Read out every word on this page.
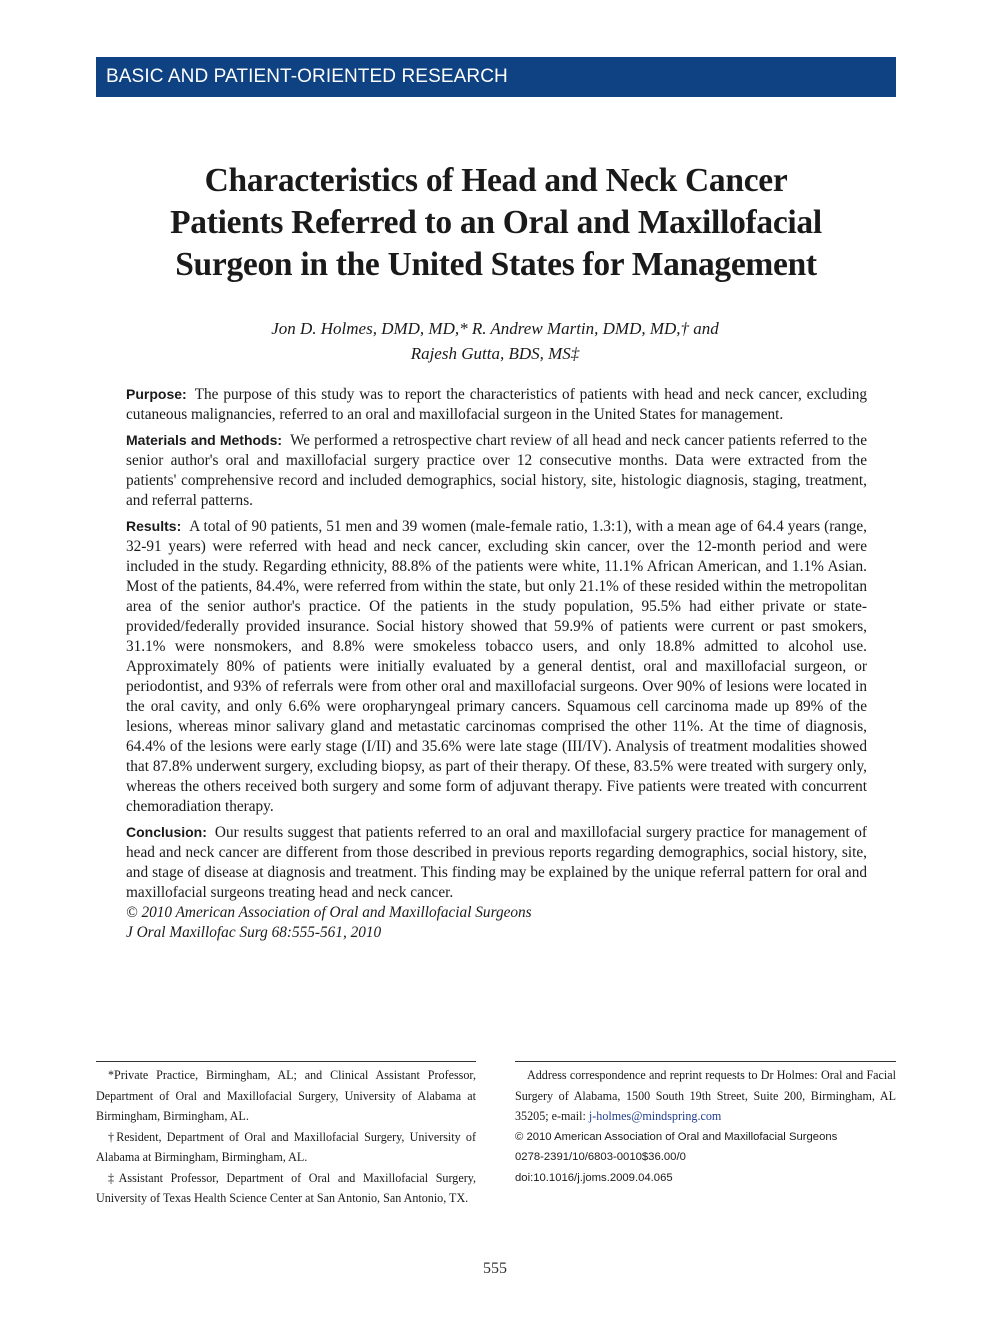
BASIC AND PATIENT-ORIENTED RESEARCH
Characteristics of Head and Neck Cancer
Patients Referred to an Oral and Maxillofacial
Surgeon in the United States for Management
Jon D. Holmes, DMD, MD,* R. Andrew Martin, DMD, MD,† and
Rajesh Gutta, BDS, MS‡

Purpose: The purpose of this study was to report the characteristics of patients with head and neck cancer, excluding cutaneous malignancies, referred to an oral and maxillofacial surgeon in the United States for management.

Materials and Methods: We performed a retrospective chart review of all head and neck cancer patients referred to the senior author's oral and maxillofacial surgery practice over 12 consecutive months. Data were extracted from the patients' comprehensive record and included demographics, social history, site, histologic diagnosis, staging, treatment, and referral patterns.

Results: A total of 90 patients, 51 men and 39 women (male-female ratio, 1.3:1), with a mean age of 64.4 years (range, 32-91 years) were referred with head and neck cancer, excluding skin cancer, over the 12-month period and were included in the study. Regarding ethnicity, 88.8% of the patients were white, 11.1% African American, and 1.1% Asian. Most of the patients, 84.4%, were referred from within the state, but only 21.1% of these resided within the metropolitan area of the senior author's practice. Of the patients in the study population, 95.5% had either private or state-provided/federally provided insurance. Social history showed that 59.9% of patients were current or past smokers, 31.1% were nonsmokers, and 8.8% were smokeless tobacco users, and only 18.8% admitted to alcohol use. Approximately 80% of patients were initially evaluated by a general dentist, oral and maxillofacial surgeon, or periodontist, and 93% of referrals were from other oral and maxillofacial surgeons. Over 90% of lesions were located in the oral cavity, and only 6.6% were oropharyngeal primary cancers. Squamous cell carcinoma made up 89% of the lesions, whereas minor salivary gland and metastatic carcinomas comprised the other 11%. At the time of diagnosis, 64.4% of the lesions were early stage (I/II) and 35.6% were late stage (III/IV). Analysis of treatment modalities showed that 87.8% underwent surgery, excluding biopsy, as part of their therapy. Of these, 83.5% were treated with surgery only, whereas the others received both surgery and some form of adjuvant therapy. Five patients were treated with concurrent chemoradiation therapy.

Conclusion: Our results suggest that patients referred to an oral and maxillofacial surgery practice for management of head and neck cancer are different from those described in previous reports regarding demographics, social history, site, and stage of disease at diagnosis and treatment. This finding may be explained by the unique referral pattern for oral and maxillofacial surgeons treating head and neck cancer.
© 2010 American Association of Oral and Maxillofacial Surgeons
J Oral Maxillofac Surg 68:555-561, 2010

*Private Practice, Birmingham, AL; and Clinical Assistant Professor, Department of Oral and Maxillofacial Surgery, University of Alabama at Birmingham, Birmingham, AL.

†Resident, Department of Oral and Maxillofacial Surgery, University of Alabama at Birmingham, Birmingham, AL.

‡Assistant Professor, Department of Oral and Maxillofacial Surgery, University of Texas Health Science Center at San Antonio, San Antonio, TX.

Address correspondence and reprint requests to Dr Holmes: Oral and Facial Surgery of Alabama, 1500 South 19th Street, Suite 200, Birmingham, AL 35205; e-mail: j-holmes@mindspring.com

© 2010 American Association of Oral and Maxillofacial Surgeons

0278-2391/10/6803-0010$36.00/0

doi:10.1016/j.joms.2009.04.065

555
